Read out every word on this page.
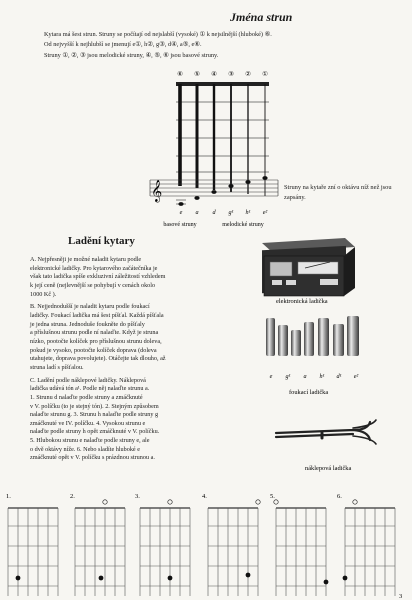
Jména strun
Kytara má šest strun. Struny se počítají od nejslabší (vysoké) ① k nejsilnější (hluboké) ⑥.
Od nejvyšší k nejhlubší se jmenují e①, h②, g③, d④, a⑤, e⑥.
Struny ①, ②, ③ jsou melodické struny, ④, ⑤, ⑥ jsou basové struny.
⑥ ⑤ ④ ③ ② ①
𝄞
e a d g¹ h¹ e²
basové struny	melodické struny
Struny na kytaře zní o oktávu níž než jsou zapsány.
Ladění kytary
A. Nejpřesněji je možné naladit kytaru podle
elektronické ladičky. Pro kytarového začátečníka je
však tato ladička spíše exkluzivní záležitostí vzhledem
k její ceně (nejlevnější se pohybují v cenách okolo
1000 Kč ).
B. Nejjednodušší je naladit kytaru podle foukací
ladičky. Foukací ladička má šest píšťal. Každá píšťala
je jedna struna. Jednoduše foukněte do píšťaly
a příslušnou strunu podle ní nalaďte. Když je struna
nízko, pootočte kolíček pro příslušnou strunu doleva,
pokud je vysoko, pootočte kolíček doprava (doleva
utahujete, doprava povolujete). Otáčejte tak dlouho, až
struna ladí s píšťalou.
C. Ladění podle náklepové ladičky. Náklepová
ladička udává tón a¹. Podle něj nalaďte strunu a.
1. Strunu d nalaďte podle struny a zmáčknuté
v V. políčku (to je stejný tón). 2. Stejným způsobem
nalaďte strunu g. 3. Strunu h nalaďte podle struny g
zmáčknuté ve IV. políčku. 4. Vysokou strunu e
nalaďte podle struny h opět zmáčknuté v V. políčku.
5. Hlubokou strunu e nalaďte podle struny e, ale
o dvě oktávy níže. 6. Nebo sladíte hluboké e
zmáčknuté opět v V. políčku s prázdnou strunou a.
e g¹ a h¹ d¹ e²
elektronická ladička
foukací ladička
náklepová ladička
1.	2.	3.	4.	5.	6.
3
